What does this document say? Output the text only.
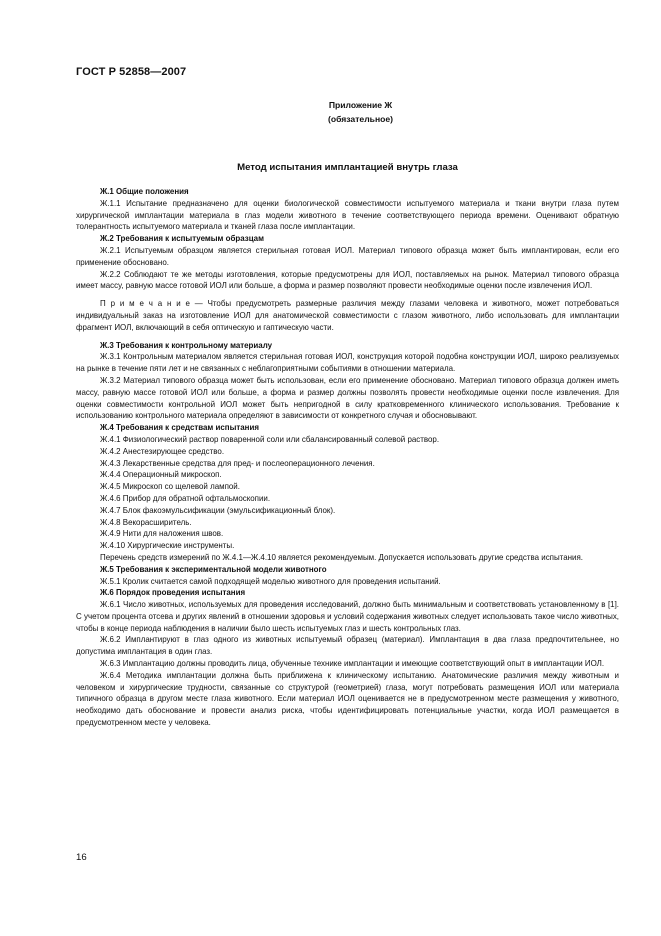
ГОСТ Р 52858—2007
Приложение Ж
(обязательное)
Метод испытания имплантацией внутрь глаза

Ж.1 Общие положения

Ж.1.1 Испытание предназначено для оценки биологической совместимости испытуемого материала и ткани внутри глаза путем хирургической имплантации материала в глаз модели животного в течение соответствующего периода времени. Оценивают обратную толерантность испытуемого материала и тканей глаза после имплантации.

Ж.2 Требования к испытуемым образцам

Ж.2.1 Испытуемым образцом является стерильная готовая ИОЛ. Материал типового образца может быть имплантирован, если его применение обосновано.

Ж.2.2 Соблюдают те же методы изготовления, которые предусмотрены для ИОЛ, поставляемых на рынок. Материал типового образца имеет массу, равную массе готовой ИОЛ или больше, а форма и размер позволяют провести необходимые оценки после извлечения ИОЛ.

П р и м е ч а н и е — Чтобы предусмотреть размерные различия между глазами человека и животного, может потребоваться индивидуальный заказ на изготовление ИОЛ для анатомической совместимости с глазом животного, либо использовать для имплантации фрагмент ИОЛ, включающий в себя оптическую и гаптическую части.

Ж.3 Требования к контрольному материалу

Ж.3.1 Контрольным материалом является стерильная готовая ИОЛ, конструкция которой подобна конструкции ИОЛ, широко реализуемых на рынке в течение пяти лет и не связанных с неблагоприятными событиями в отношении материала.

Ж.3.2 Материал типового образца может быть использован, если его применение обосновано. Материал типового образца должен иметь массу, равную массе готовой ИОЛ или больше, а форма и размер должны позволять провести необходимые оценки после извлечения. Для оценки совместимости контрольной ИОЛ может быть непригодной в силу кратковременного клинического использования. Требование к использованию контрольного материала определяют в зависимости от конкретного случая и обосновывают.

Ж.4 Требования к средствам испытания

Ж.4.1 Физиологический раствор поваренной соли или сбалансированный солевой раствор.

Ж.4.2 Анестезирующее средство.

Ж.4.3 Лекарственные средства для пред- и послеоперационного лечения.

Ж.4.4 Операционный микроскоп.

Ж.4.5 Микроскоп со щелевой лампой.

Ж.4.6 Прибор для обратной офтальмоскопии.

Ж.4.7 Блок факоэмульсификации (эмульсификационный блок).

Ж.4.8 Векорасширитель.

Ж.4.9 Нити для наложения швов.

Ж.4.10 Хирургические инструменты.

Перечень средств измерений по Ж.4.1—Ж.4.10 является рекомендуемым. Допускается использовать другие средства испытания.

Ж.5 Требования к экспериментальной модели животного

Ж.5.1 Кролик считается самой подходящей моделью животного для проведения испытаний.

Ж.6 Порядок проведения испытания

Ж.6.1 Число животных, используемых для проведения исследований, должно быть минимальным и соответствовать установленному в [1]. С учетом процента отсева и других явлений в отношении здоровья и условий содержания животных следует использовать такое число животных, чтобы в конце периода наблюдения в наличии было шесть испытуемых глаз и шесть контрольных глаз.

Ж.6.2 Имплантируют в глаз одного из животных испытуемый образец (материал). Имплантация в два глаза предпочтительнее, но допустима имплантация в один глаз.

Ж.6.3 Имплантацию должны проводить лица, обученные технике имплантации и имеющие соответствующий опыт в имплантации ИОЛ.

Ж.6.4 Методика имплантации должна быть приближена к клиническому испытанию. Анатомические различия между животным и человеком и хирургические трудности, связанные со структурой (геометрией) глаза, могут потребовать размещения ИОЛ или материала типичного образца в другом месте глаза животного. Если материал ИОЛ оценивается не в предусмотренном месте размещения у животного, необходимо дать обоснование и провести анализ риска, чтобы идентифицировать потенциальные участки, когда ИОЛ размещается в предусмотренном месте у человека.

16
